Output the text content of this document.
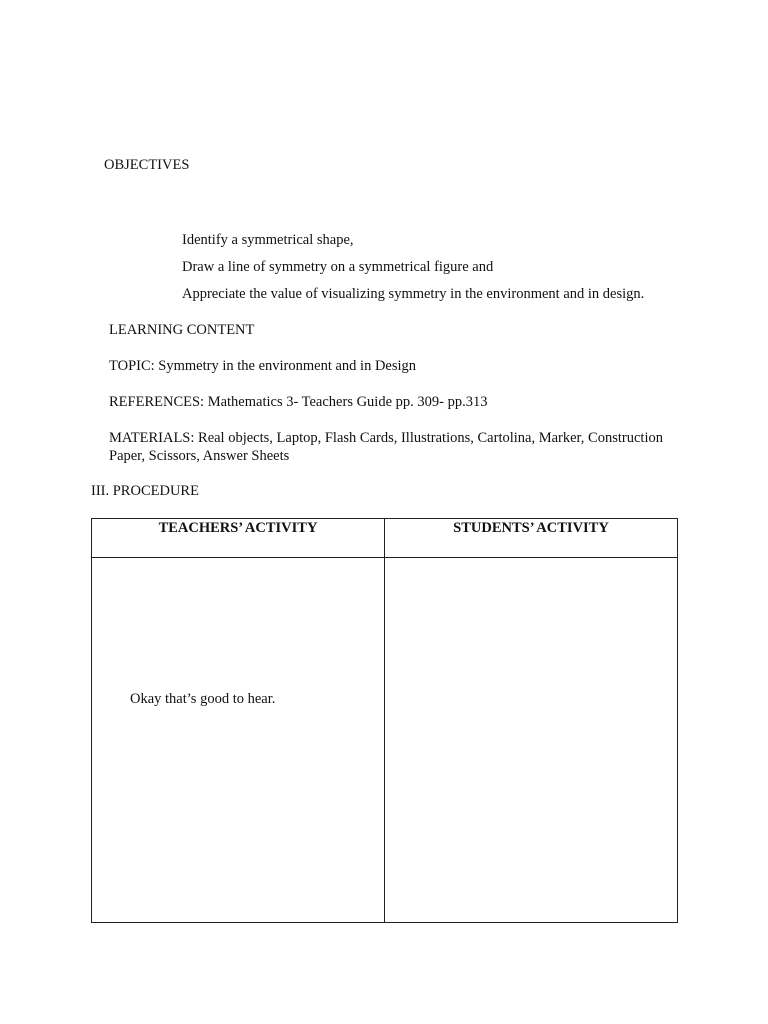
OBJECTIVES
Identify a symmetrical shape,
Draw a line of symmetry on a symmetrical figure and
Appreciate the value of visualizing symmetry in the environment and in design.
LEARNING CONTENT
TOPIC: Symmetry in the environment and in Design
REFERENCES: Mathematics 3- Teachers Guide pp. 309- pp.313
MATERIALS: Real objects, Laptop, Flash Cards, Illustrations, Cartolina, Marker, Construction Paper, Scissors, Answer Sheets
III. PROCEDURE
TEACHERS’ ACTIVITY	STUDENTS’ ACTIVITY
Okay that’s good to hear.
